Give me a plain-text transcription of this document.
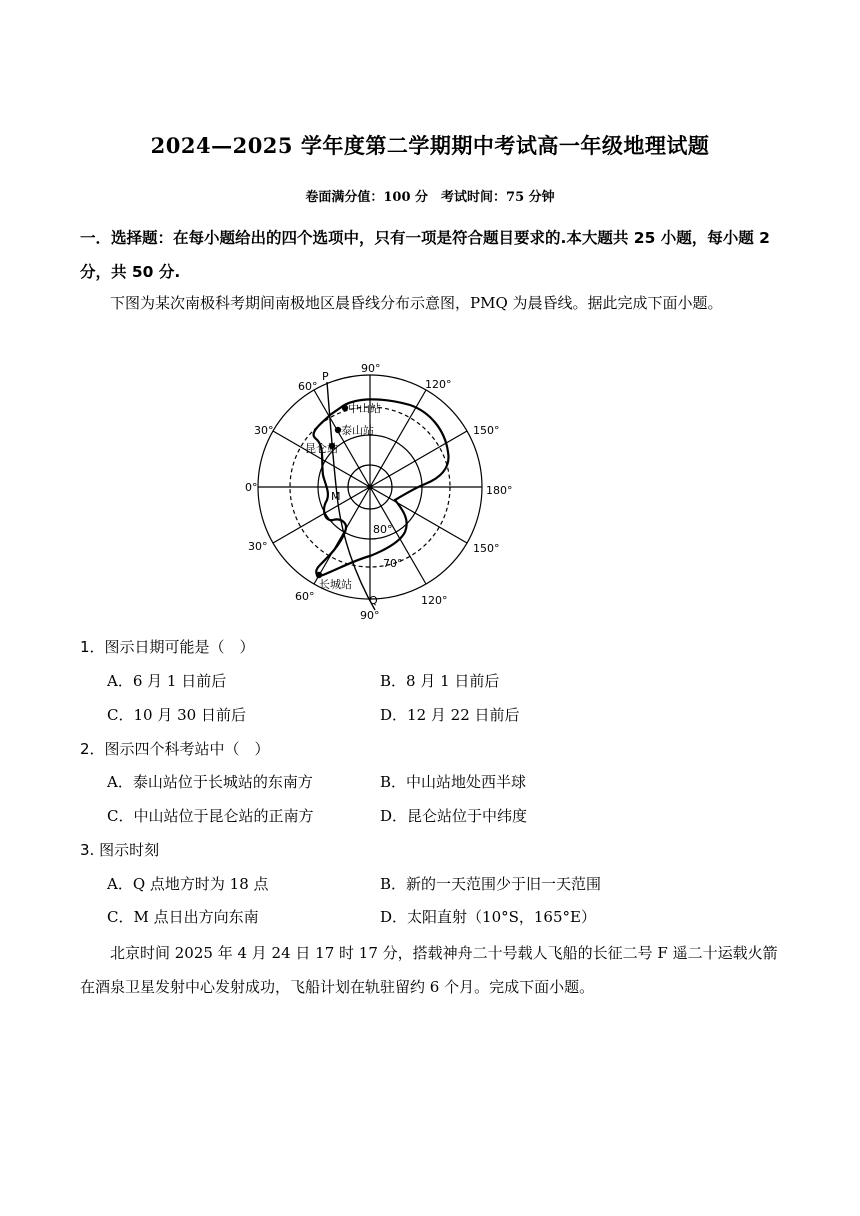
2024—2025 学年度第二学期期中考试高一年级地理试题
卷面满分值：100 分　考试时间：75 分钟
一．选择题：在每小题给出的四个选项中，只有一项是符合题目要求的.本大题共 25 小题，每小题 2 分，共 50 分.
下图为某次南极科考期间南极地区晨昏线分布示意图，PMQ 为晨昏线。据此完成下面小题。
90°
120°
150°
180°
150°
120°
90°
60°
30°
0°
30°
60°
80°
70°
P
M
Q
中山站
泰山站
昆仑站
长城站
1．图示日期可能是（　）
A．6 月 1 日前后	B．8 月 1 日前后
C．10 月 30 日前后	D．12 月 22 日前后
2．图示四个科考站中（　）
A．泰山站位于长城站的东南方	B．中山站地处西半球
C．中山站位于昆仑站的正南方	D．昆仑站位于中纬度
3. 图示时刻
A．Q 点地方时为 18 点	B．新的一天范围少于旧一天范围
C．M 点日出方向东南	D．太阳直射（10°S，165°E）
北京时间 2025 年 4 月 24 日 17 时 17 分，搭载神舟二十号载人飞船的长征二号 F 遥二十运载火箭在酒泉卫星发射中心发射成功，飞船计划在轨驻留约 6 个月。完成下面小题。
